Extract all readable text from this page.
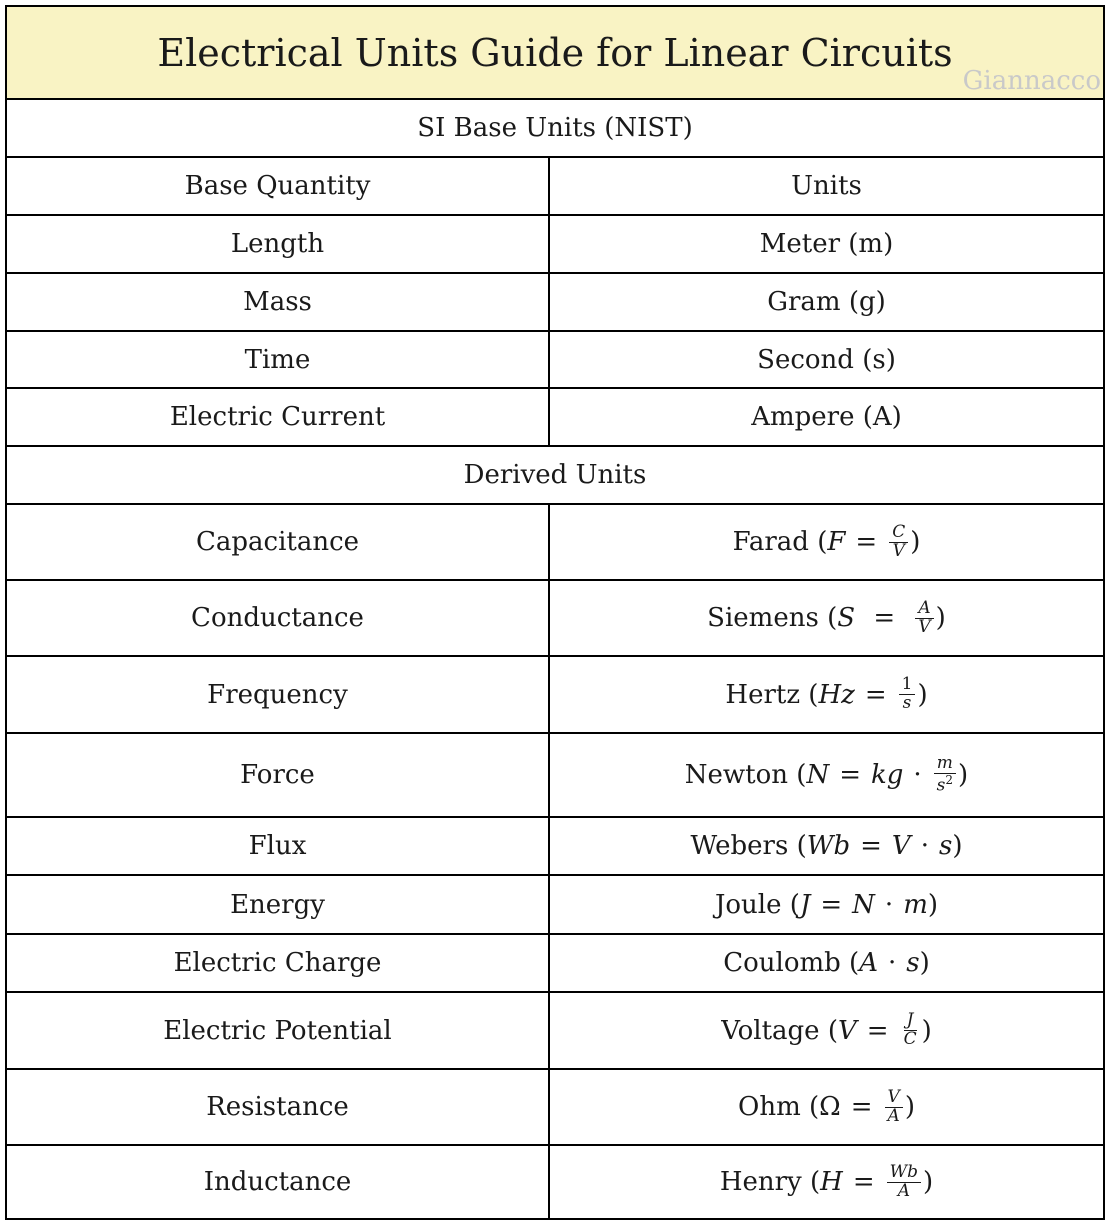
Electrical Units Guide for Linear Circuits
Giannacco
SI Base Units (NIST)
Base Quantity	Units
Length	Meter (m)
Mass	Gram (g)
Time	Second (s)
Electric Current	Ampere (A)
Derived Units
Capacitance	Farad ( $F = \frac{C}{V}$ )
Conductance	Siemens ( $S = \frac{A}{V}$ )
Frequency	Hertz ( $Hz = \frac{1}{s}$ )
Force	Newton ( N = kg · $\frac{m}{s^2}$ )
Flux	Webers ( Wb = V · s )
Energy	Joule ( J = N · m )
Electric Charge	Coulomb ( A · s )
Electric Potential	Voltage ( $V = \frac{J}{C}$ )
Resistance	Ohm ( $\Omega = \frac{V}{A}$ )
Inductance	Henry ( $H = \frac{Wb}{A}$ )
